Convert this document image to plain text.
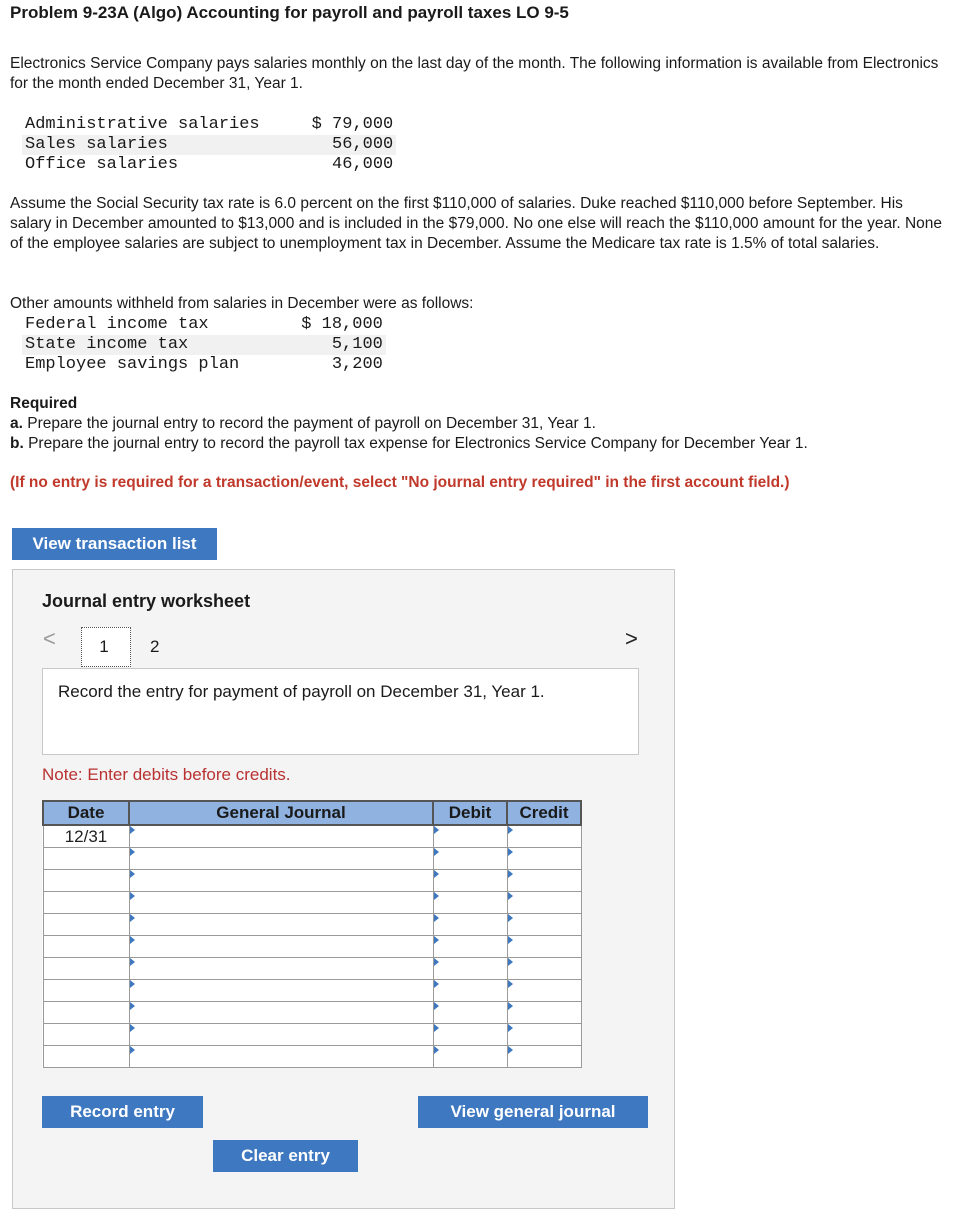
Problem 9-23A (Algo) Accounting for payroll and payroll taxes LO 9-5

Electronics Service Company pays salaries monthly on the last day of the month. The following information is available from Electronics for the month ended December 31, Year 1.

Administrative salaries		$ 79,000
Sales salaries		56,000
Office salaries		46,000

Assume the Social Security tax rate is 6.0 percent on the first $110,000 of salaries. Duke reached $110,000 before September. His salary in December amounted to $13,000 and is included in the $79,000. No one else will reach the $110,000 amount for the year. None of the employee salaries are subject to unemployment tax in December. Assume the Medicare tax rate is 1.5% of total salaries.

Other amounts withheld from salaries in December were as follows:

Federal income tax		$ 18,000
State income tax		5,100
Employee savings plan		3,200
Required
a. Prepare the journal entry to record the payment of payroll on December 31, Year 1.
b. Prepare the journal entry to record the payroll tax expense for Electronics Service Company for December Year 1.

(If no entry is required for a transaction/event, select "No journal entry required" in the first account field.)

View transaction list
Journal entry worksheet
<	1	2	>
Record the entry for payment of payroll on December 31, Year 1.

Note: Enter debits before credits.

Date	General Journal	Debit	Credit
12/31	

Record entry	View general journal
Clear entry
